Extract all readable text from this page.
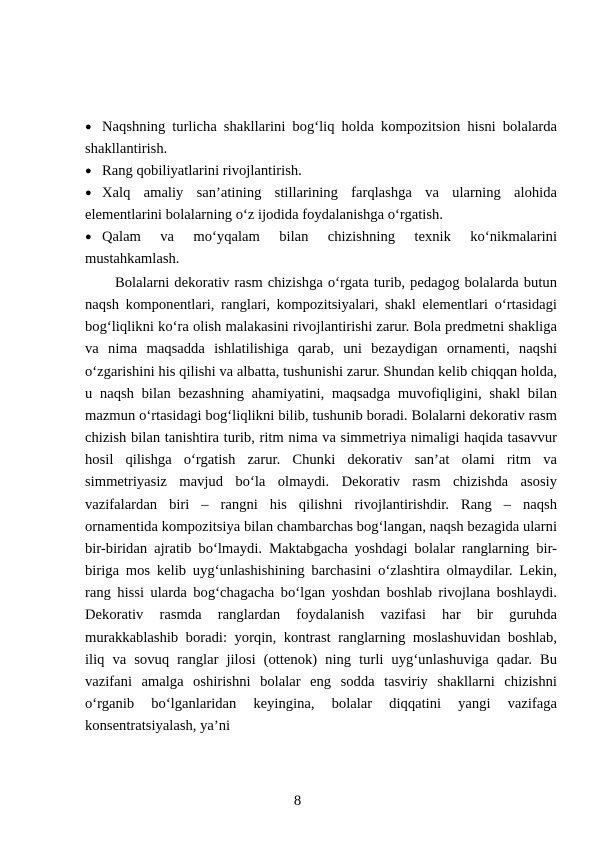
● Naqshning turlicha shakllarini bog‘liq holda kompozitsion hisni bolalarda shakllantirish.
● Rang qobiliyatlarini rivojlantirish.
● Xalq amaliy san’atining stillarining farqlashga va ularning alohida elementlarini bolalarning o‘z ijodida foydalanishga o‘rgatish.
● Qalam va mo‘yqalam bilan chizishning texnik ko‘nikmalarini mustahkamlash.
Bolalarni dekorativ rasm chizishga o‘rgata turib, pedagog bolalarda butun naqsh komponentlari, ranglari, kompozitsiyalari, shakl elementlari o‘rtasidagi bog‘liqlikni ko‘ra olish malakasini rivojlantirishi zarur. Bola predmetni shakliga va nima maqsadda ishlatilishiga qarab, uni bezaydigan ornamenti, naqshi o‘zgarishini his qilishi va albatta, tushunishi zarur. Shundan kelib chiqqan holda, u naqsh bilan bezashning ahamiyatini, maqsadga muvofiqligini, shakl bilan mazmun o‘rtasidagi bog‘liqlikni bilib, tushunib boradi. Bolalarni dekorativ rasm chizish bilan tanishtira turib, ritm nima va simmetriya nimaligi haqida tasavvur hosil qilishga o‘rgatish zarur. Chunki dekorativ san’at olami ritm va simmetriyasiz mavjud bo‘la olmaydi. Dekorativ rasm chizishda asosiy vazifalardan biri – rangni his qilishni rivojlantirishdir. Rang – naqsh ornamentida kompozitsiya bilan chambarchas bog‘langan, naqsh bezagida ularni bir-biridan ajratib bo‘lmaydi. Maktabgacha yoshdagi bolalar ranglarning bir-biriga mos kelib uyg‘unlashishining barchasini o‘zlashtira olmaydilar. Lekin, rang hissi ularda bog‘chagacha bo‘lgan yoshdan boshlab rivojlana boshlaydi. Dekorativ rasmda ranglardan foydalanish vazifasi har bir guruhda murakkablashib boradi: yorqin, kontrast ranglarning moslashuvidan boshlab, iliq va sovuq ranglar jilosi (ottenok) ning turli uyg‘unlashuviga qadar. Bu vazifani amalga oshirishni bolalar eng sodda tasviriy shakllarni chizishni o‘rganib bo‘lganlaridan keyingina, bolalar diqqatini yangi vazifaga konsentratsiyalash, ya’ni
8
